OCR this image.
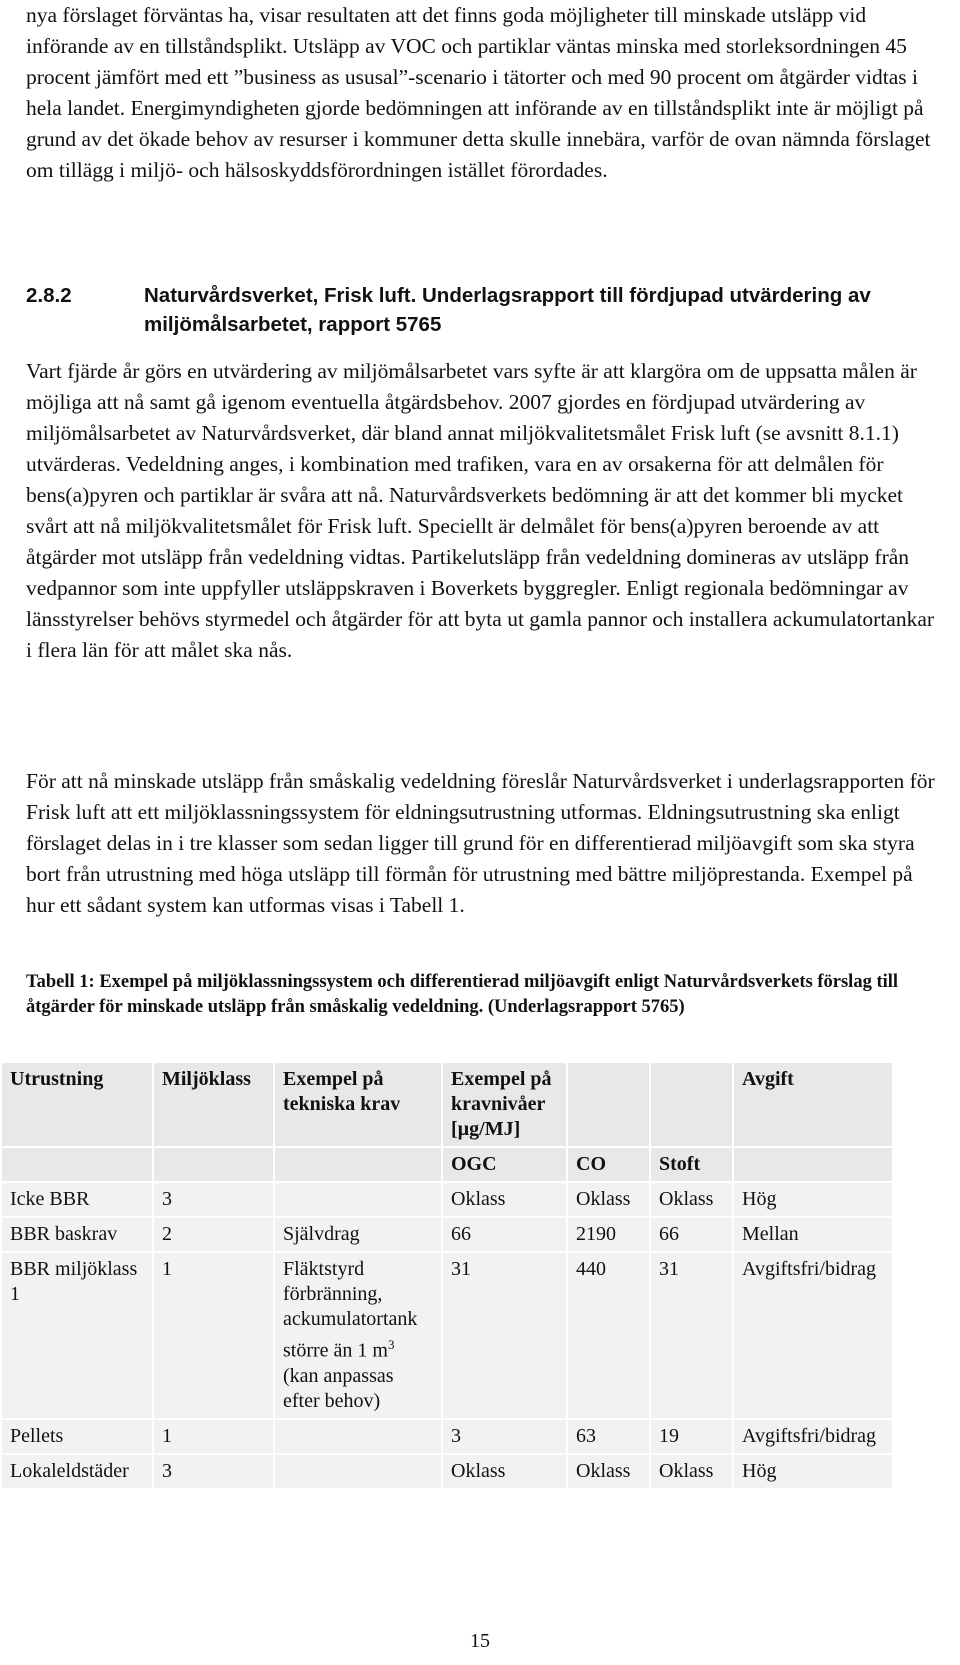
nya förslaget förväntas ha, visar resultaten att det finns goda möjligheter till minskade utsläpp vid införande av en tillståndsplikt. Utsläpp av VOC och partiklar väntas minska med storleksordningen 45 procent jämfört med ett ”business as ususal”-scenario i tätorter och med 90 procent om åtgärder vidtas i hela landet. Energimyndigheten gjorde bedömningen att införande av en tillståndsplikt inte är möjligt på grund av det ökade behov av resurser i kommuner detta skulle innebära, varför de ovan nämnda förslaget om tillägg i miljö- och hälsoskyddsförordningen istället förordades.

2.8.2	Naturvårdsverket, Frisk luft. Underlagsrapport till fördjupad utvärdering av miljömålsarbetet, rapport 5765

Vart fjärde år görs en utvärdering av miljömålsarbetet vars syfte är att klargöra om de uppsatta målen är möjliga att nå samt gå igenom eventuella åtgärdsbehov. 2007 gjordes en fördjupad utvärdering av miljömålsarbetet av Naturvårdsverket, där bland annat miljökvalitetsmålet Frisk luft (se avsnitt 8.1.1) utvärderas. Vedeldning anges, i kombination med trafiken, vara en av orsakerna för att delmålen för bens(a)pyren och partiklar är svåra att nå. Naturvårdsverkets bedömning är att det kommer bli mycket svårt att nå miljökvalitetsmålet för Frisk luft. Speciellt är delmålet för bens(a)pyren beroende av att åtgärder mot utsläpp från vedeldning vidtas. Partikelutsläpp från vedeldning domineras av utsläpp från vedpannor som inte uppfyller utsläppskraven i Boverkets byggregler. Enligt regionala bedömningar av länsstyrelser behövs styrmedel och åtgärder för att byta ut gamla pannor och installera ackumulatortankar i flera län för att målet ska nås.

För att nå minskade utsläpp från småskalig vedeldning föreslår Naturvårdsverket i underlagsrapporten för Frisk luft att ett miljöklassningssystem för eldningsutrustning utformas. Eldningsutrustning ska enligt förslaget delas in i tre klasser som sedan ligger till grund för en differentierad miljöavgift som ska styra bort från utrustning med höga utsläpp till förmån för utrustning med bättre miljöprestanda. Exempel på hur ett sådant system kan utformas visas i Tabell 1.

Tabell 1: Exempel på miljöklassningssystem och differentierad miljöavgift enligt Naturvårdsverkets förslag till åtgärder för minskade utsläpp från småskalig vedeldning. (Underlagsrapport 5765)

Utrustning	Miljöklass	Exempel på tekniska krav	Exempel på kravnivåer [µg/MJ]			Avgift
			OGC	CO	Stoft	
Icke BBR	3		Oklass	Oklass	Oklass	Hög
BBR baskrav	2	Självdrag	66	2190	66	Mellan
BBR miljöklass 1	1	Fläktstyrd förbränning, ackumulatortank större än 1 $m^3$ (kan anpassas efter behov)	31	440	31	Avgiftsfri/bidrag
Pellets	1		3	63	19	Avgiftsfri/bidrag
Lokaleldstäder	3		Oklass	Oklass	Oklass	Hög
15
